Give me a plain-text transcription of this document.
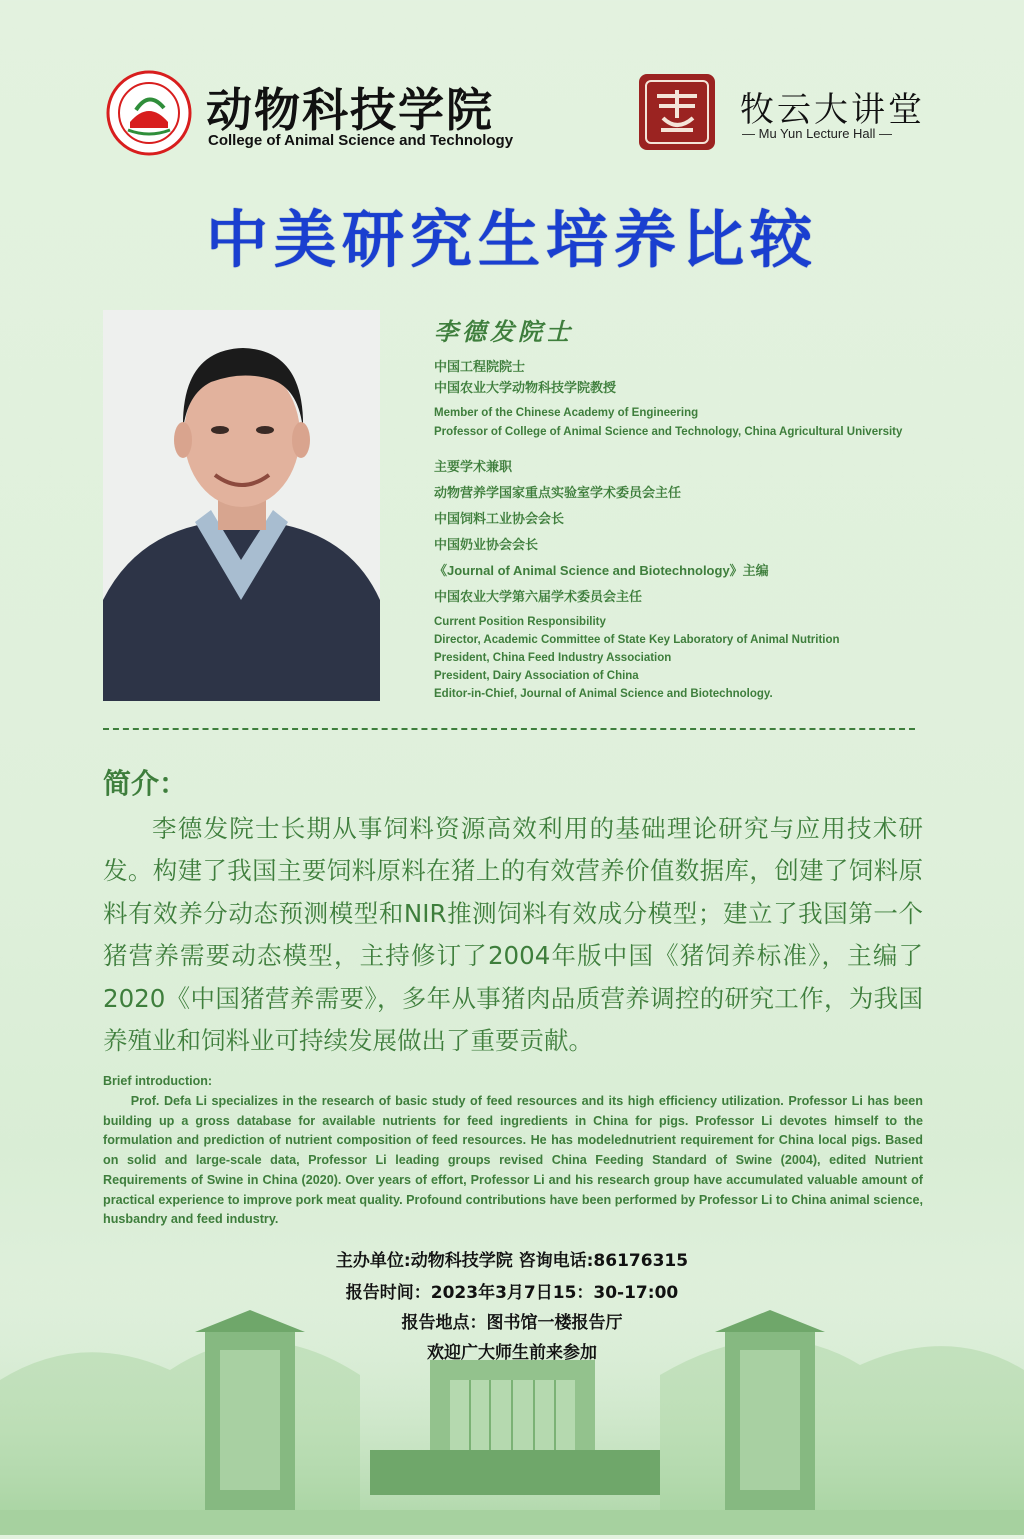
动物科技学院
College of Animal Science and Technology
牧云大讲堂
— Mu Yun Lecture Hall —
中美研究生培养比较
李德发院士
中国工程院院士
中国农业大学动物科技学院教授
Member of the Chinese Academy of Engineering
Professor of College of Animal Science and Technology, China Agricultural University
主要学术兼职
动物营养学国家重点实验室学术委员会主任
中国饲料工业协会会长
中国奶业协会会长
《Journal of Animal Science and Biotechnology》主编
中国农业大学第六届学术委员会主任
Current Position Responsibility
Director, Academic Committee of State Key Laboratory of Animal Nutrition
President, China Feed Industry Association
President, Dairy Association of China
Editor-in-Chief, Journal of Animal Science and Biotechnology.
简介：
李德发院士长期从事饲料资源高效利用的基础理论研究与应用技术研发。构建了我国主要饲料原料在猪上的有效营养价值数据库，创建了饲料原料有效养分动态预测模型和NIR推测饲料有效成分模型；建立了我国第一个猪营养需要动态模型，主持修订了2004年版中国《猪饲养标准》，主编了2020《中国猪营养需要》，多年从事猪肉品质营养调控的研究工作，为我国养殖业和饲料业可持续发展做出了重要贡献。
Brief introduction:
Prof. Defa Li specializes in the research of basic study of feed resources and its high efficiency utilization. Professor Li has been building up a gross database for available nutrients for feed ingredients in China for pigs. Professor Li devotes himself to the formulation and prediction of nutrient composition of feed resources. He has modelednutrient requirement for China local pigs. Based on solid and large-scale data, Professor Li leading groups revised China Feeding Standard of Swine (2004), edited Nutrient Requirements of Swine in China (2020). Over years of effort, Professor Li and his research group have accumulated valuable amount of practical experience to improve pork meat quality. Profound contributions have been performed by Professor Li to China animal science, husbandry and feed industry.
主办单位:动物科技学院 咨询电话:86176315
报告时间：2023年3月7日15：30-17:00
报告地点：图书馆一楼报告厅
欢迎广大师生前来参加
